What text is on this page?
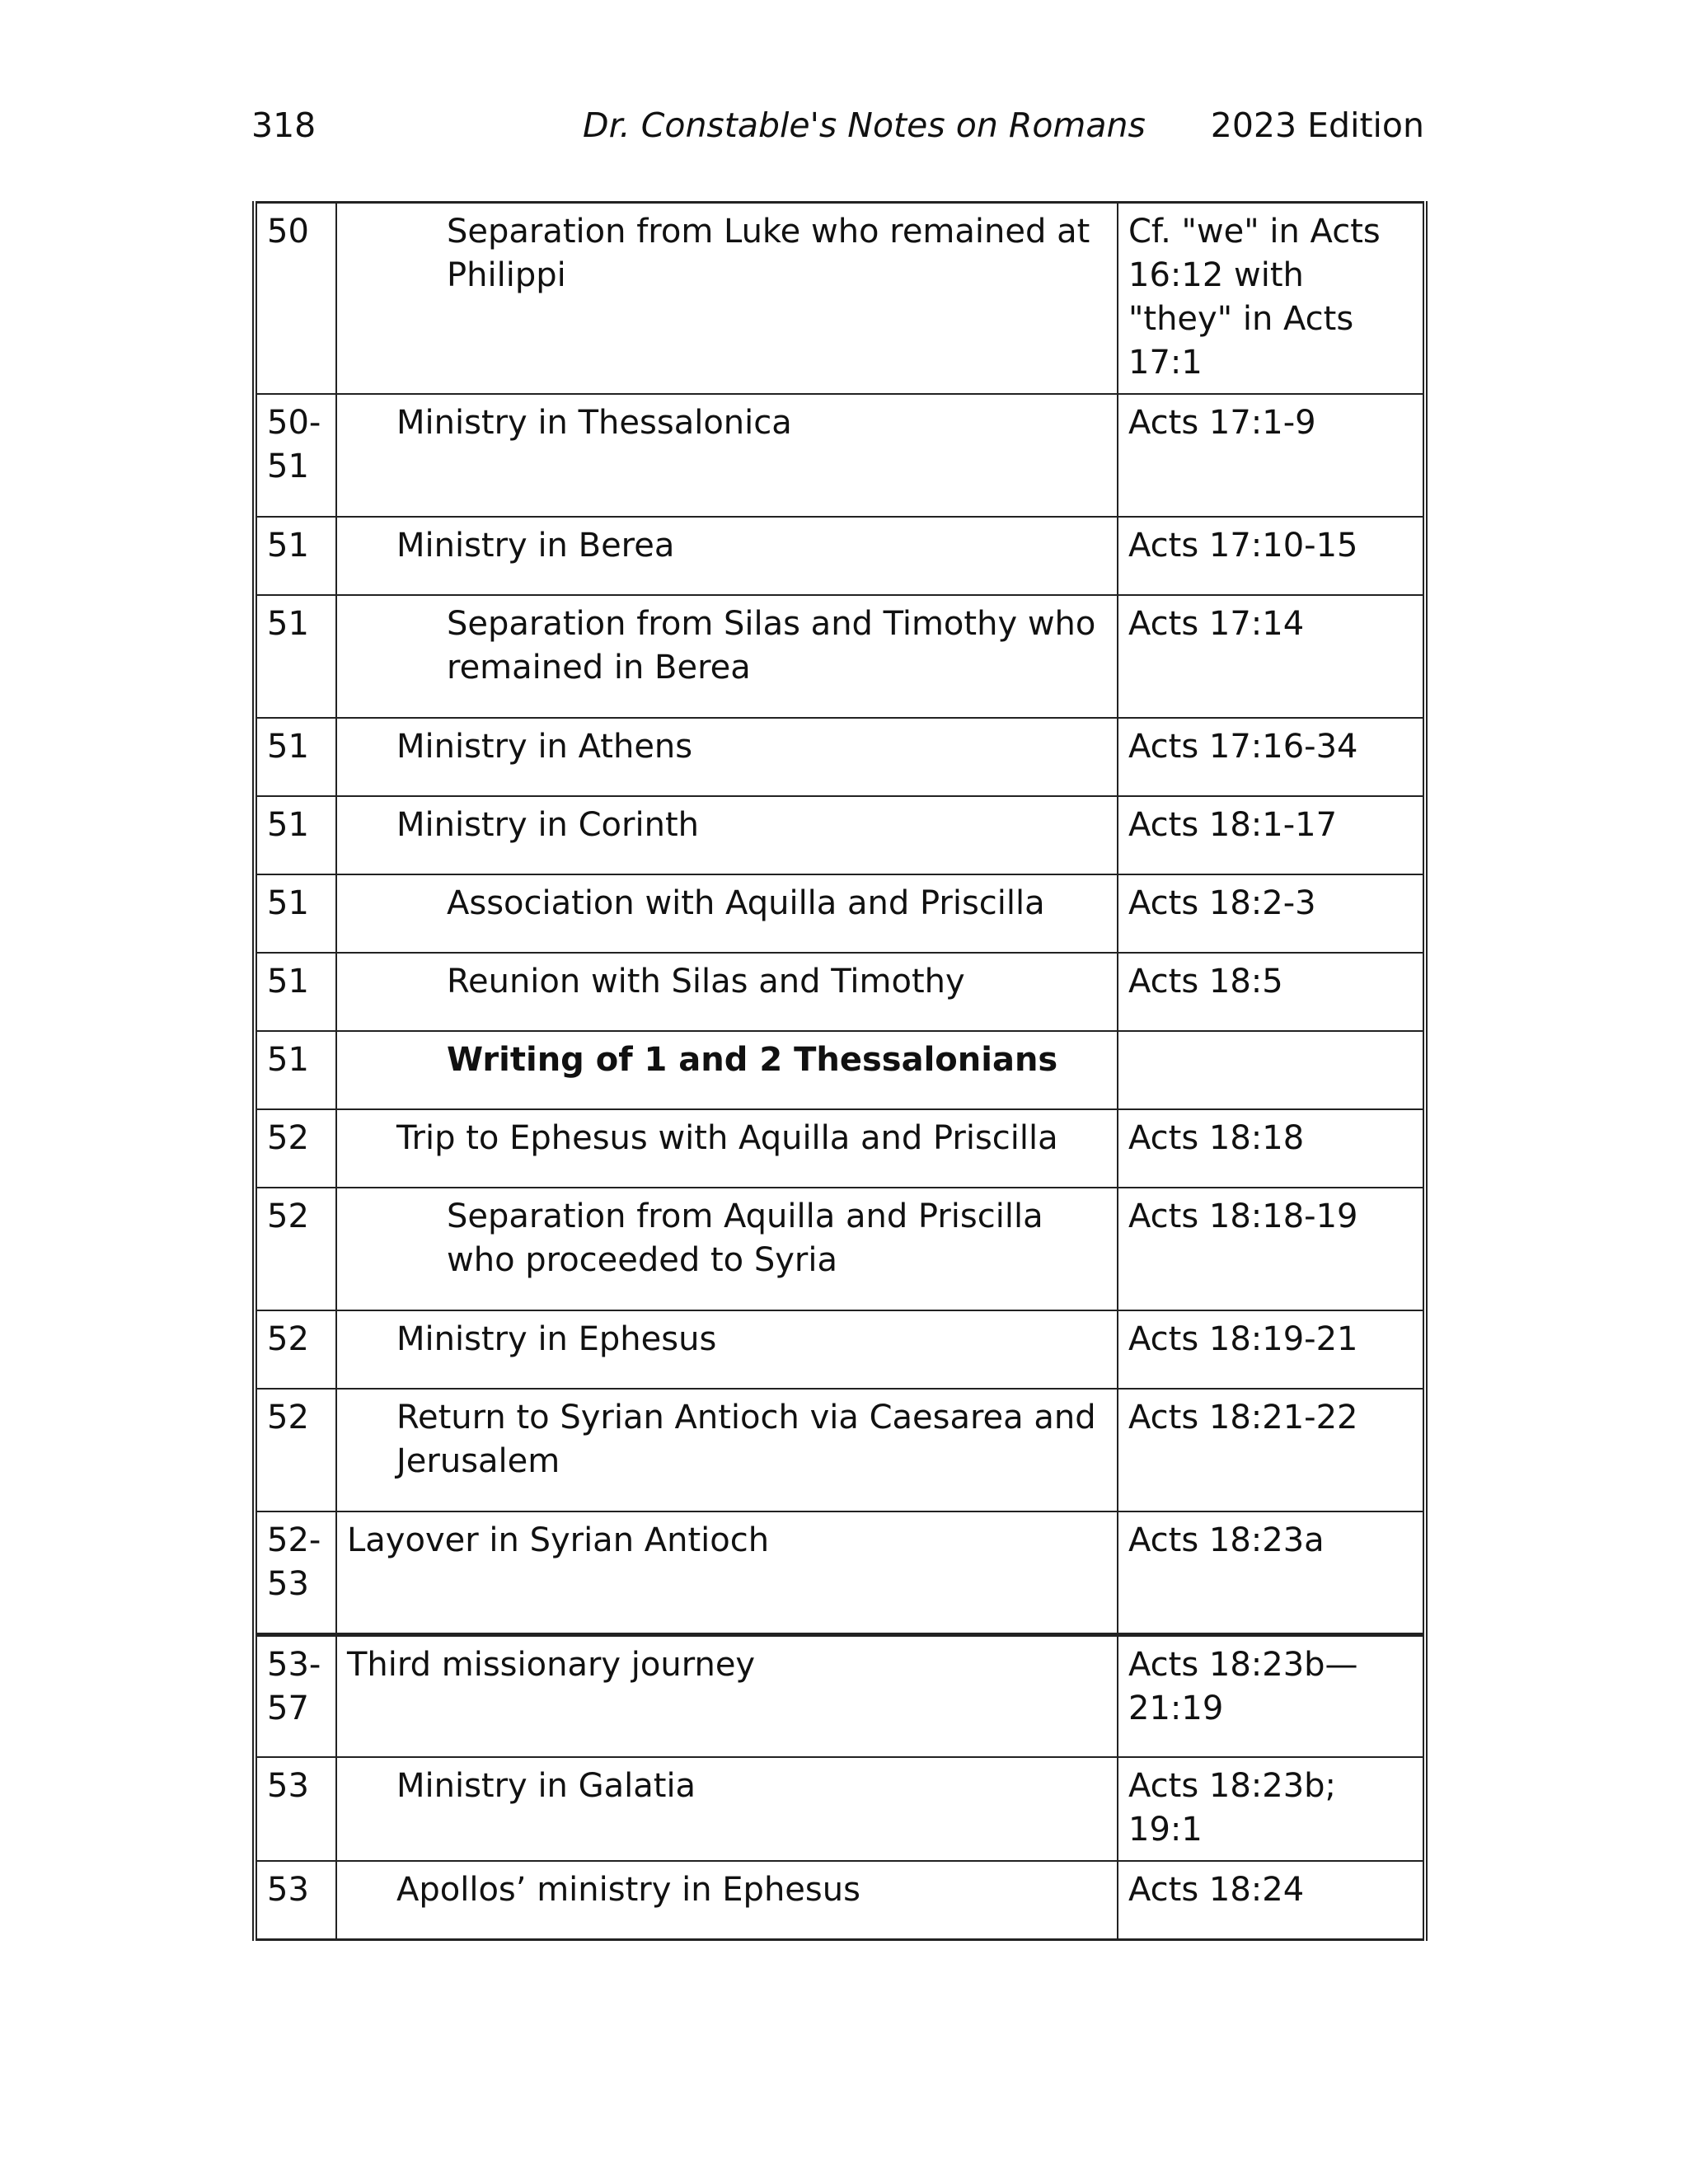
318	Dr. Constable's Notes on Romans 2023 Edition
50	Separation from Luke who remained at Philippi	Cf. "we" in Acts 16:12 with "they" in Acts 17:1

50-51	Ministry in Thessalonica	Acts 17:1-9
51	Ministry in Berea	Acts 17:10-15
51	Separation from Silas and Timothy who remained in Berea	Acts 17:14
51	Ministry in Athens	Acts 17:16-34
51	Ministry in Corinth	Acts 18:1-17
51	Association with Aquilla and Priscilla	Acts 18:2-3
51	Reunion with Silas and Timothy	Acts 18:5
51	Writing of 1 and 2 Thessalonians	
52	Trip to Ephesus with Aquilla and Priscilla	Acts 18:18
52	Separation from Aquilla and Priscilla who proceeded to Syria	Acts 18:18-19
52	Ministry in Ephesus	Acts 18:19-21
52	Return to Syrian Antioch via Caesarea and Jerusalem	Acts 18:21-22

52-53	Layover in Syrian Antioch	Acts 18:23a

53-57	Third missionary journey	Acts 18:23b—21:19

53	Ministry in Galatia	Acts 18:23b; 19:1
53	Apollos’ ministry in Ephesus	Acts 18:24
